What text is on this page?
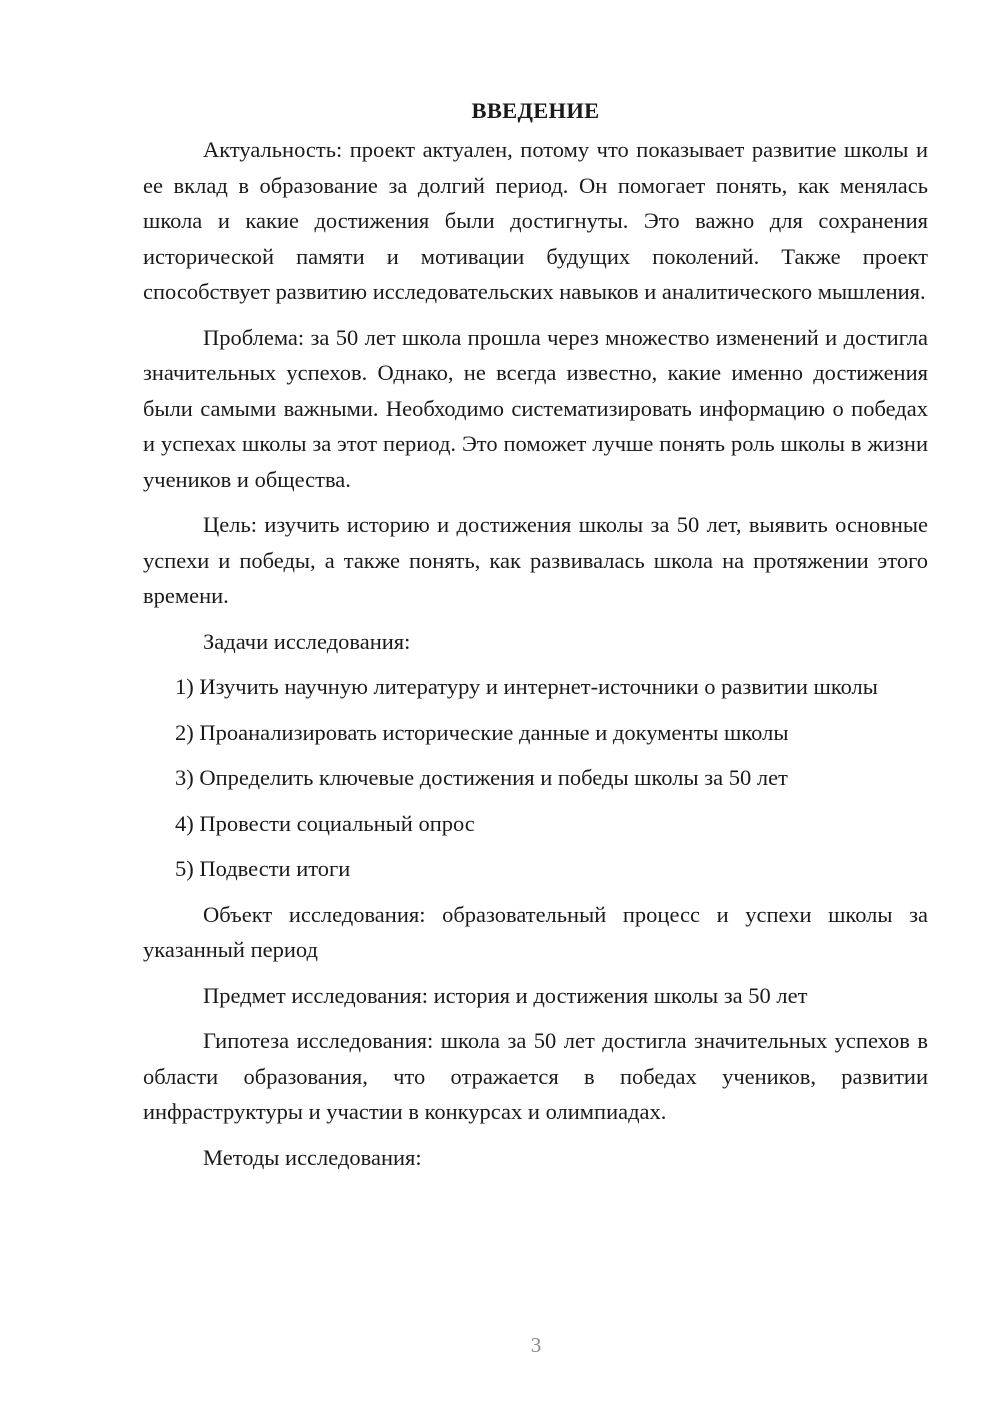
ВВЕДЕНИЕ

Актуальность: проект актуален, потому что показывает развитие школы и ее вклад в образование за долгий период. Он помогает понять, как менялась школа и какие достижения были достигнуты. Это важно для сохранения исторической памяти и мотивации будущих поколений. Также проект способствует развитию исследовательских навыков и аналитического мышления.

Проблема: за 50 лет школа прошла через множество изменений и достигла значительных успехов. Однако, не всегда известно, какие именно достижения были самыми важными. Необходимо систематизировать информацию о победах и успехах школы за этот период. Это поможет лучше понять роль школы в жизни учеников и общества.

Цель: изучить историю и достижения школы за 50 лет, выявить основные успехи и победы, а также понять, как развивалась школа на протяжении этого времени.

Задачи исследования:

1) Изучить научную литературу и интернет-источники о развитии школы
2) Проанализировать исторические данные и документы школы
3) Определить ключевые достижения и победы школы за 50 лет
4) Провести социальный опрос
5) Подвести итоги

Объект исследования: образовательный процесс и успехи школы за указанный период

Предмет исследования: история и достижения школы за 50 лет

Гипотеза исследования: школа за 50 лет достигла значительных успехов в области образования, что отражается в победах учеников, развитии инфраструктуры и участии в конкурсах и олимпиадах.

Методы исследования:

3
